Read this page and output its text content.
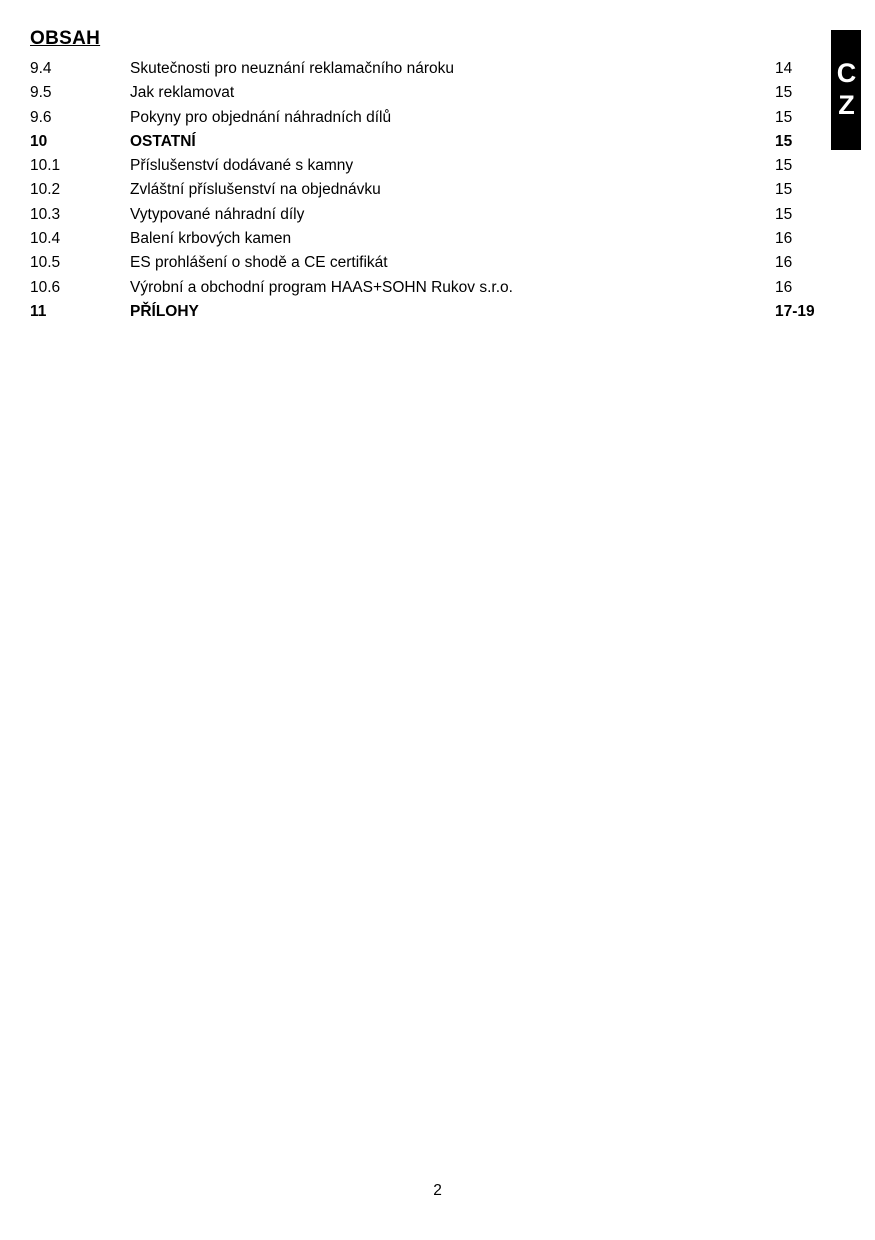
CZ
OBSAH
9.4	Skutečnosti pro neuznání reklamačního nároku	14
9.5	Jak reklamovat	15
9.6	Pokyny pro objednání náhradních dílů	15
10	OSTATNÍ	15
10.1	Příslušenství dodávané s kamny	15
10.2	Zvláštní příslušenství na objednávku	15
10.3	Vytypované náhradní díly	15
10.4	Balení krbových kamen	16
10.5	ES prohlášení o shodě a CE certifikát	16
10.6	Výrobní a obchodní program HAAS+SOHN Rukov s.r.o.	16
11	PŘÍLOHY	17-19
2
